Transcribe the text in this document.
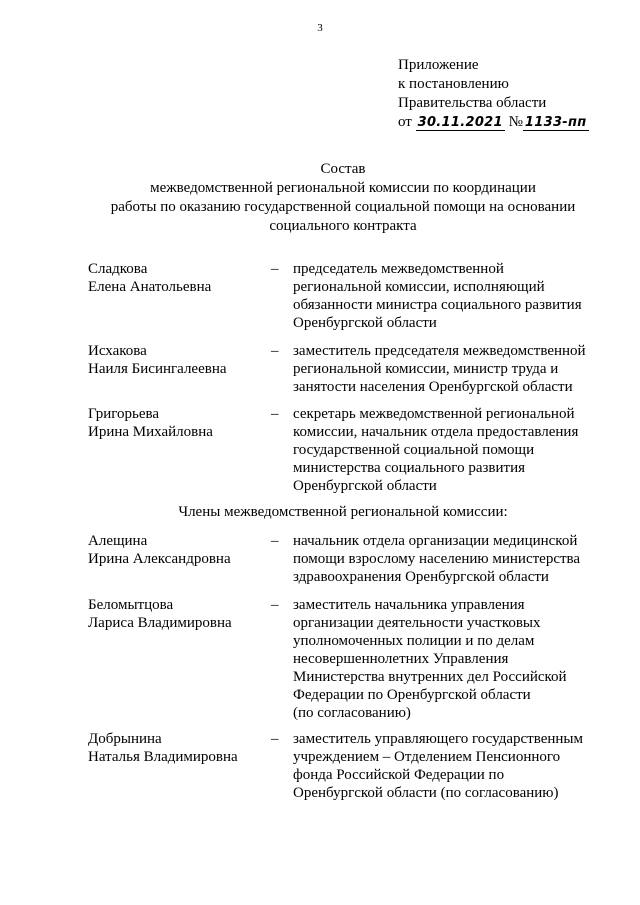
3
Приложение
к постановлению
Правительства области
от 30.11.2021 № 1133-пп
Состав
межведомственной региональной комиссии по координации
работы по оказанию государственной социальной помощи на основании
социального контракта
Сладкова
Елена Анатольевна
– председатель межведомственной
региональной комиссии, исполняющий
обязанности министра социального развития
Оренбургской области
Исхакова
Наиля Бисингалеевна
– заместитель председателя межведомственной
региональной комиссии, министр труда и
занятости населения Оренбургской области
Григорьева
Ирина Михайловна
– секретарь межведомственной региональной
комиссии, начальник отдела предоставления
государственной социальной помощи
министерства социального развития
Оренбургской области
Члены межведомственной региональной комиссии:
Алещина
Ирина Александровна
– начальник отдела организации медицинской
помощи взрослому населению министерства
здравоохранения Оренбургской области
Беломытцова
Лариса Владимировна
– заместитель начальника управления
организации деятельности участковых
уполномоченных полиции и по делам
несовершеннолетних Управления
Министерства внутренних дел Российской
Федерации по Оренбургской области
(по согласованию)
Добрынина
Наталья Владимировна
– заместитель управляющего государственным
учреждением – Отделением Пенсионного
фонда Российской Федерации по
Оренбургской области (по согласованию)
